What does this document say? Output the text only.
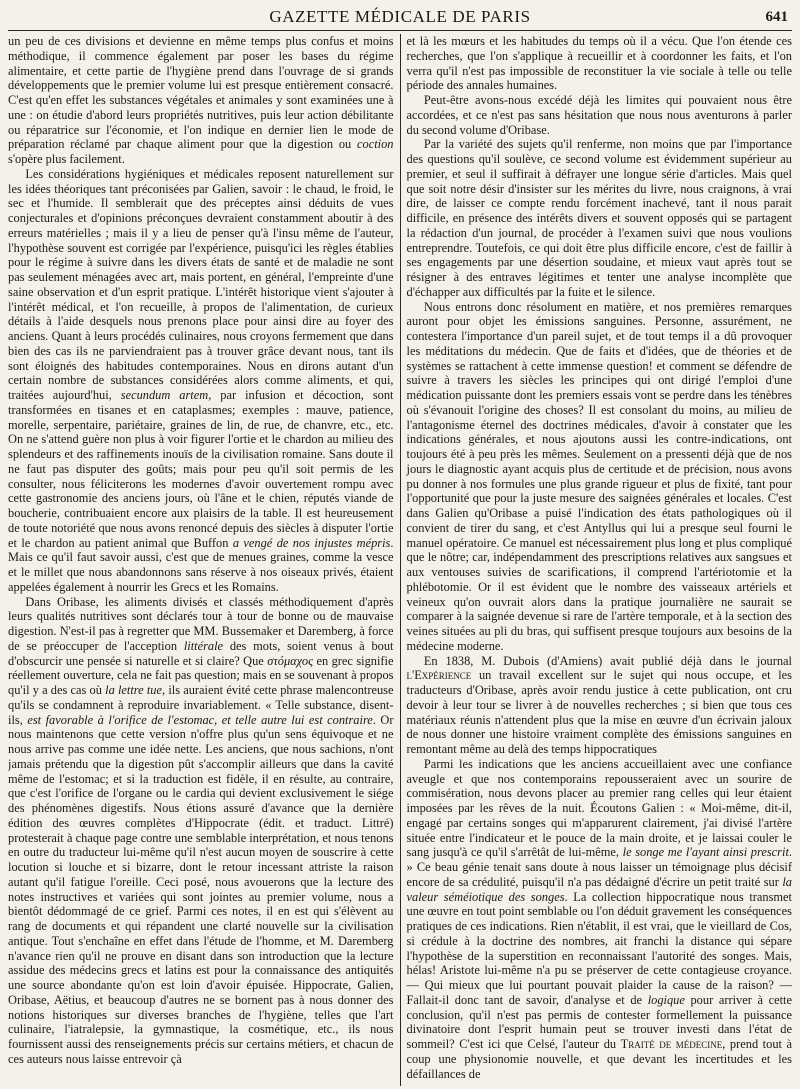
GAZETTE MÉDICALE DE PARIS	641

un peu de ces divisions et devienne en même temps plus confus et moins méthodique, il commence également par poser les bases du régime alimentaire, et cette partie de l'hygiène prend dans l'ouvrage de si grands développements que le premier volume lui est presque entièrement consacré. C'est qu'en effet les substances végétales et animales y sont examinées une à une : on étudie d'abord leurs propriétés nutritives, puis leur action débilitante ou réparatrice sur l'économie, et l'on indique en dernier lien le mode de préparation réclamé par chaque aliment pour que la digestion ou coction s'opère plus facilement.

Les considérations hygiéniques et médicales reposent naturellement sur les idées théoriques tant préconisées par Galien, savoir : le chaud, le froid, le sec et l'humide. Il semblerait que des préceptes ainsi déduits de vues conjecturales et d'opinions préconçues devraient constamment aboutir à des erreurs matérielles ; mais il y a lieu de penser qu'à l'insu même de l'auteur, l'hypothèse souvent est corrigée par l'expérience, puisqu'ici les règles établies pour le régime à suivre dans les divers états de santé et de maladie ne sont pas seulement ménagées avec art, mais portent, en général, l'empreinte d'une saine observation et d'un esprit pratique. L'intérêt historique vient s'ajouter à l'intérêt médical, et l'on recueille, à propos de l'alimentation, de curieux détails à l'aide desquels nous prenons place pour ainsi dire au foyer des anciens. Quant à leurs procédés culinaires, nous croyons fermement que dans bien des cas ils ne parviendraient pas à trouver grâce devant nous, tant ils sont éloignés des habitudes contemporaines. Nous en dirons autant d'un certain nombre de substances considérées alors comme aliments, et qui, traitées aujourd'hui, secundum artem, par infusion et décoction, sont transformées en tisanes et en cataplasmes; exemples : mauve, patience, morelle, serpentaire, pariétaire, graines de lin, de rue, de chanvre, etc., etc. On ne s'attend guère non plus à voir figurer l'ortie et le chardon au milieu des splendeurs et des raffinements inouïs de la civilisation romaine. Sans doute il ne faut pas disputer des goûts; mais pour peu qu'il soit permis de les consulter, nous féliciterons les modernes d'avoir ouvertement rompu avec cette gastronomie des anciens jours, où l'âne et le chien, réputés viande de boucherie, contribuaient encore aux plaisirs de la table. Il est heureusement de toute notoriété que nous avons renoncé depuis des siècles à disputer l'ortie et le chardon au patient animal que Buffon a vengé de nos injustes mépris. Mais ce qu'il faut savoir aussi, c'est que de menues graines, comme la vesce et le millet que nous abandonnons sans réserve à nos oiseaux privés, étaient appelées également à nourrir les Grecs et les Romains.

Dans Oribase, les aliments divisés et classés méthodiquement d'après leurs qualités nutritives sont déclarés tour à tour de bonne ou de mauvaise digestion. N'est-il pas à regretter que MM. Bussemaker et Daremberg, à force de se préoccuper de l'acception littérale des mots, soient venus à bout d'obscurcir une pensée si naturelle et si claire? Que στόμαχος en grec signifie réellement ouverture, cela ne fait pas question; mais en se souvenant à propos qu'il y a des cas où la lettre tue, ils auraient évité cette phrase malencontreuse qu'ils se condamnent à reproduire invariablement. « Telle substance, disent-ils, est favorable à l'orifice de l'estomac, et telle autre lui est contraire. Or nous maintenons que cette version n'offre plus qu'un sens équivoque et ne nous arrive pas comme une idée nette. Les anciens, que nous sachions, n'ont jamais prétendu que la digestion pût s'accomplir ailleurs que dans la cavité même de l'estomac; et si la traduction est fidèle, il en résulte, au contraire, que c'est l'orifice de l'organe ou le cardia qui devient exclusivement le siége des phénomènes digestifs. Nous étions assuré d'avance que la dernière édition des œuvres complètes d'Hippocrate (édit. et traduct. Littré) protesterait à chaque page contre une semblable interprétation, et nous tenons en outre du traducteur lui-même qu'il n'est aucun moyen de souscrire à cette locution si louche et si bizarre, dont le retour incessant attriste la raison autant qu'il fatigue l'oreille. Ceci posé, nous avouerons que la lecture des notes instructives et variées qui sont jointes au premier volume, nous a bientôt dédommagé de ce grief. Parmi ces notes, il en est qui s'élèvent au rang de documents et qui répandent une clarté nouvelle sur la civilisation antique. Tout s'enchaîne en effet dans l'étude de l'homme, et M. Daremberg n'avance rien qu'il ne prouve en disant dans son introduction que la lecture assidue des médecins grecs et latins est pour la connaissance des antiquités une source abondante qu'on est loin d'avoir épuisée. Hippocrate, Galien, Oribase, Aëtius, et beaucoup d'autres ne se bornent pas à nous donner des notions historiques sur diverses branches de l'hygiène, telles que l'art culinaire, l'iatralepsie, la gymnastique, la cosmétique, etc., ils nous fournissent aussi des renseignements précis sur certains métiers, et chacun de ces auteurs nous laisse entrevoir çà

et là les mœurs et les habitudes du temps où il a vécu. Que l'on étende ces recherches, que l'on s'applique à recueillir et à coordonner les faits, et l'on verra qu'il n'est pas impossible de reconstituer la vie sociale à telle ou telle période des annales humaines.

Peut-être avons-nous excédé déjà les limites qui pouvaient nous être accordées, et ce n'est pas sans hésitation que nous nous aventurons à parler du second volume d'Oribase.

Par la variété des sujets qu'il renferme, non moins que par l'importance des questions qu'il soulève, ce second volume est évidemment supérieur au premier, et seul il suffirait à défrayer une longue série d'articles. Mais quel que soit notre désir d'insister sur les mérites du livre, nous craignons, à vrai dire, de laisser ce compte rendu forcément inachevé, tant il nous parait difficile, en présence des intérêts divers et souvent opposés qui se partagent la rédaction d'un journal, de procéder à l'examen suivi que nous voulions entreprendre. Toutefois, ce qui doit être plus difficile encore, c'est de faillir à ses engagements par une désertion soudaine, et mieux vaut après tout se résigner à des entraves légitimes et tenter une analyse incomplète que d'échapper aux difficultés par la fuite et le silence.

Nous entrons donc résolument en matière, et nos premières remarques auront pour objet les émissions sanguines. Personne, assurément, ne contestera l'importance d'un pareil sujet, et de tout temps il a dû provoquer les méditations du médecin. Que de faits et d'idées, que de théories et de systèmes se rattachent à cette immense question! et comment se défendre de suivre à travers les siècles les principes qui ont dirigé l'emploi d'une médication puissante dont les premiers essais vont se perdre dans les ténèbres où s'évanouit l'origine des choses? Il est consolant du moins, au milieu de l'antagonisme éternel des doctrines médicales, d'avoir à constater que les indications générales, et nous ajoutons aussi les contre-indications, ont toujours été à peu près les mêmes. Seulement on a pressenti déjà que de nos jours le diagnostic ayant acquis plus de certitude et de précision, nous avons pu donner à nos formules une plus grande rigueur et plus de fixité, tant pour l'opportunité que pour la juste mesure des saignées générales et locales. C'est dans Galien qu'Oribase a puisé l'indication des états pathologiques où il convient de tirer du sang, et c'est Antyllus qui lui a presque seul fourni le manuel opératoire. Ce manuel est nécessairement plus long et plus compliqué que le nôtre; car, indépendamment des prescriptions relatives aux sangsues et aux ventouses suivies de scarifications, il comprend l'artériotomie et la phlébotomie. Or il est évident que le nombre des vaisseaux artériels et veineux qu'on ouvrait alors dans la pratique journalière ne saurait se comparer à la saignée devenue si rare de l'artère temporale, et à la section des veines situées au pli du bras, qui suffisent presque toujours aux besoins de la médecine moderne.

En 1838, M. Dubois (d'Amiens) avait publié déjà dans le journal l'Expérience un travail excellent sur le sujet qui nous occupe, et les traducteurs d'Oribase, après avoir rendu justice à cette publication, ont cru devoir à leur tour se livrer à de nouvelles recherches ; si bien que tous ces matériaux réunis n'attendent plus que la mise en œuvre d'un écrivain jaloux de nous donner une histoire vraiment complète des émissions sanguines en remontant même au delà des temps hippocratiques

Parmi les indications que les anciens accueillaient avec une confiance aveugle et que nos contemporains repousseraient avec un sourire de commisération, nous devons placer au premier rang celles qui leur étaient imposées par les rêves de la nuit. Écoutons Galien : « Moi-même, dit-il, engagé par certains songes qui m'apparurent clairement, j'ai divisé l'artère située entre l'indicateur et le pouce de la main droite, et je laissai couler le sang jusqu'à ce qu'il s'arrêtât de lui-même, le songe me l'ayant ainsi prescrit. » Ce beau génie tenait sans doute à nous laisser un témoignage plus décisif encore de sa crédulité, puisqu'il n'a pas dédaigné d'écrire un petit traité sur la valeur séméiotique des songes. La collection hippocratique nous transmet une œuvre en tout point semblable ou l'on déduit gravement les conséquences pratiques de ces indications. Rien n'établit, il est vrai, que le vieillard de Cos, si crédule à la doctrine des nombres, ait franchi la distance qui sépare l'hypothèse de la superstition en reconnaissant l'autorité des songes. Mais, hélas! Aristote lui-même n'a pu se préserver de cette contagieuse croyance. — Qui mieux que lui pourtant pouvait plaider la cause de la raison? — Fallait-il donc tant de savoir, d'analyse et de logique pour arriver à cette conclusion, qu'il n'est pas permis de contester formellement la puissance divinatoire dont l'esprit humain peut se trouver investi dans l'état de sommeil? C'est ici que Celsé, l'auteur du Traité de médecine, prend tout à coup une physionomie nouvelle, et que devant les incertitudes et les défaillances de
